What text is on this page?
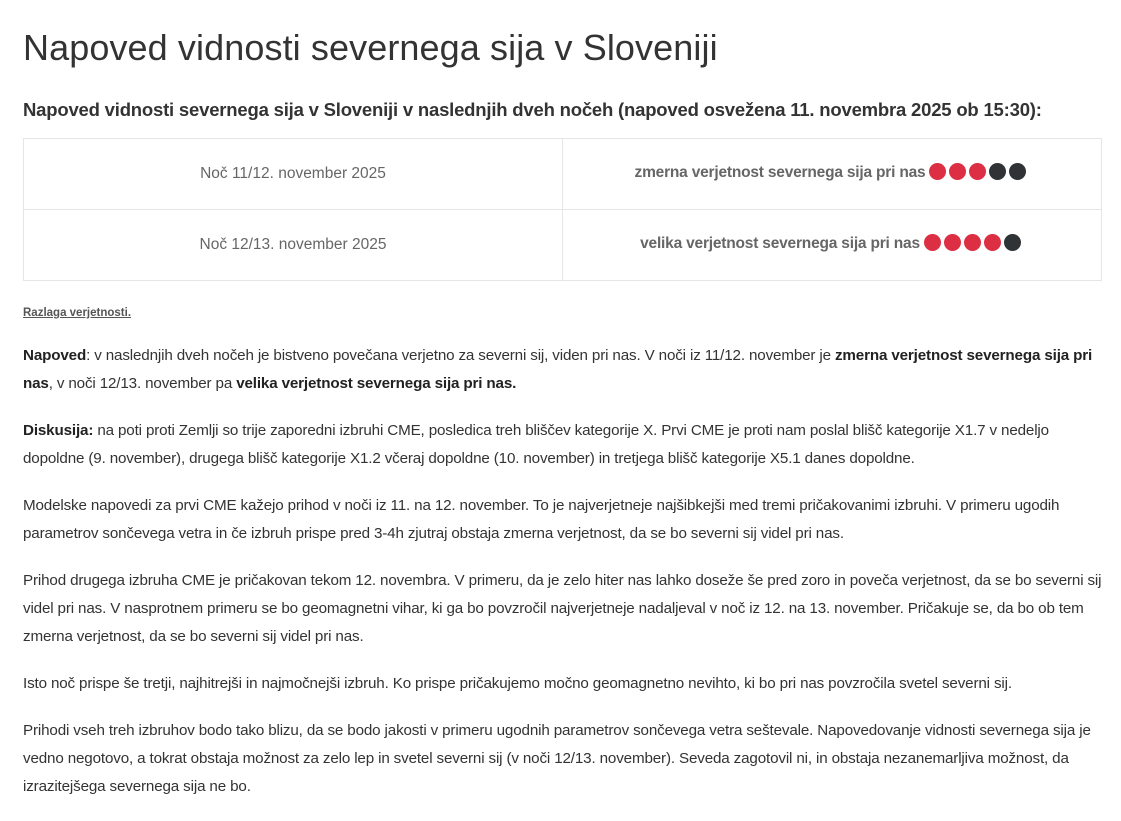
Napoved vidnosti severnega sija v Sloveniji
Napoved vidnosti severnega sija v Sloveniji v naslednjih dveh nočeh (napoved osvežena 11. novembra 2025 ob 15:30):
Noč 11/12. november 2025	zmerna verjetnost severnega sija pri nas
Noč 12/13. november 2025	velika verjetnost severnega sija pri nas
Razlaga verjetnosti.

Napoved: v naslednjih dveh nočeh je bistveno povečana verjetno za severni sij, viden pri nas. V noči iz 11/12. november je zmerna verjetnost severnega sija pri nas, v noči 12/13. november pa velika verjetnost severnega sija pri nas.

Diskusija: na poti proti Zemlji so trije zaporedni izbruhi CME, posledica treh bliščev kategorije X. Prvi CME je proti nam poslal blišč kategorije X1.7 v nedeljo dopoldne (9. november), drugega blišč kategorije X1.2 včeraj dopoldne (10. november) in tretjega blišč kategorije X5.1 danes dopoldne.

Modelske napovedi za prvi CME kažejo prihod v noči iz 11. na 12. november. To je najverjetneje najšibkejši med tremi pričakovanimi izbruhi. V primeru ugodih parametrov sončevega vetra in če izbruh prispe pred 3-4h zjutraj obstaja zmerna verjetnost, da se bo severni sij videl pri nas.

Prihod drugega izbruha CME je pričakovan tekom 12. novembra. V primeru, da je zelo hiter nas lahko doseže še pred zoro in poveča verjetnost, da se bo severni sij videl pri nas. V nasprotnem primeru se bo geomagnetni vihar, ki ga bo povzročil najverjetneje nadaljeval v noč iz 12. na 13. november. Pričakuje se, da bo ob tem zmerna verjetnost, da se bo severni sij videl pri nas.

Isto noč prispe še tretji, najhitrejši in najmočnejši izbruh. Ko prispe pričakujemo močno geomagnetno nevihto, ki bo pri nas povzročila svetel severni sij.

Prihodi vseh treh izbruhov bodo tako blizu, da se bodo jakosti v primeru ugodnih parametrov sončevega vetra seštevale. Napovedovanje vidnosti severnega sija je vedno negotovo, a tokrat obstaja možnost za zelo lep in svetel severni sij (v noči 12/13. november). Seveda zagotovil ni, in obstaja nezanemarljiva možnost, da izrazitejšega severnega sija ne bo.
